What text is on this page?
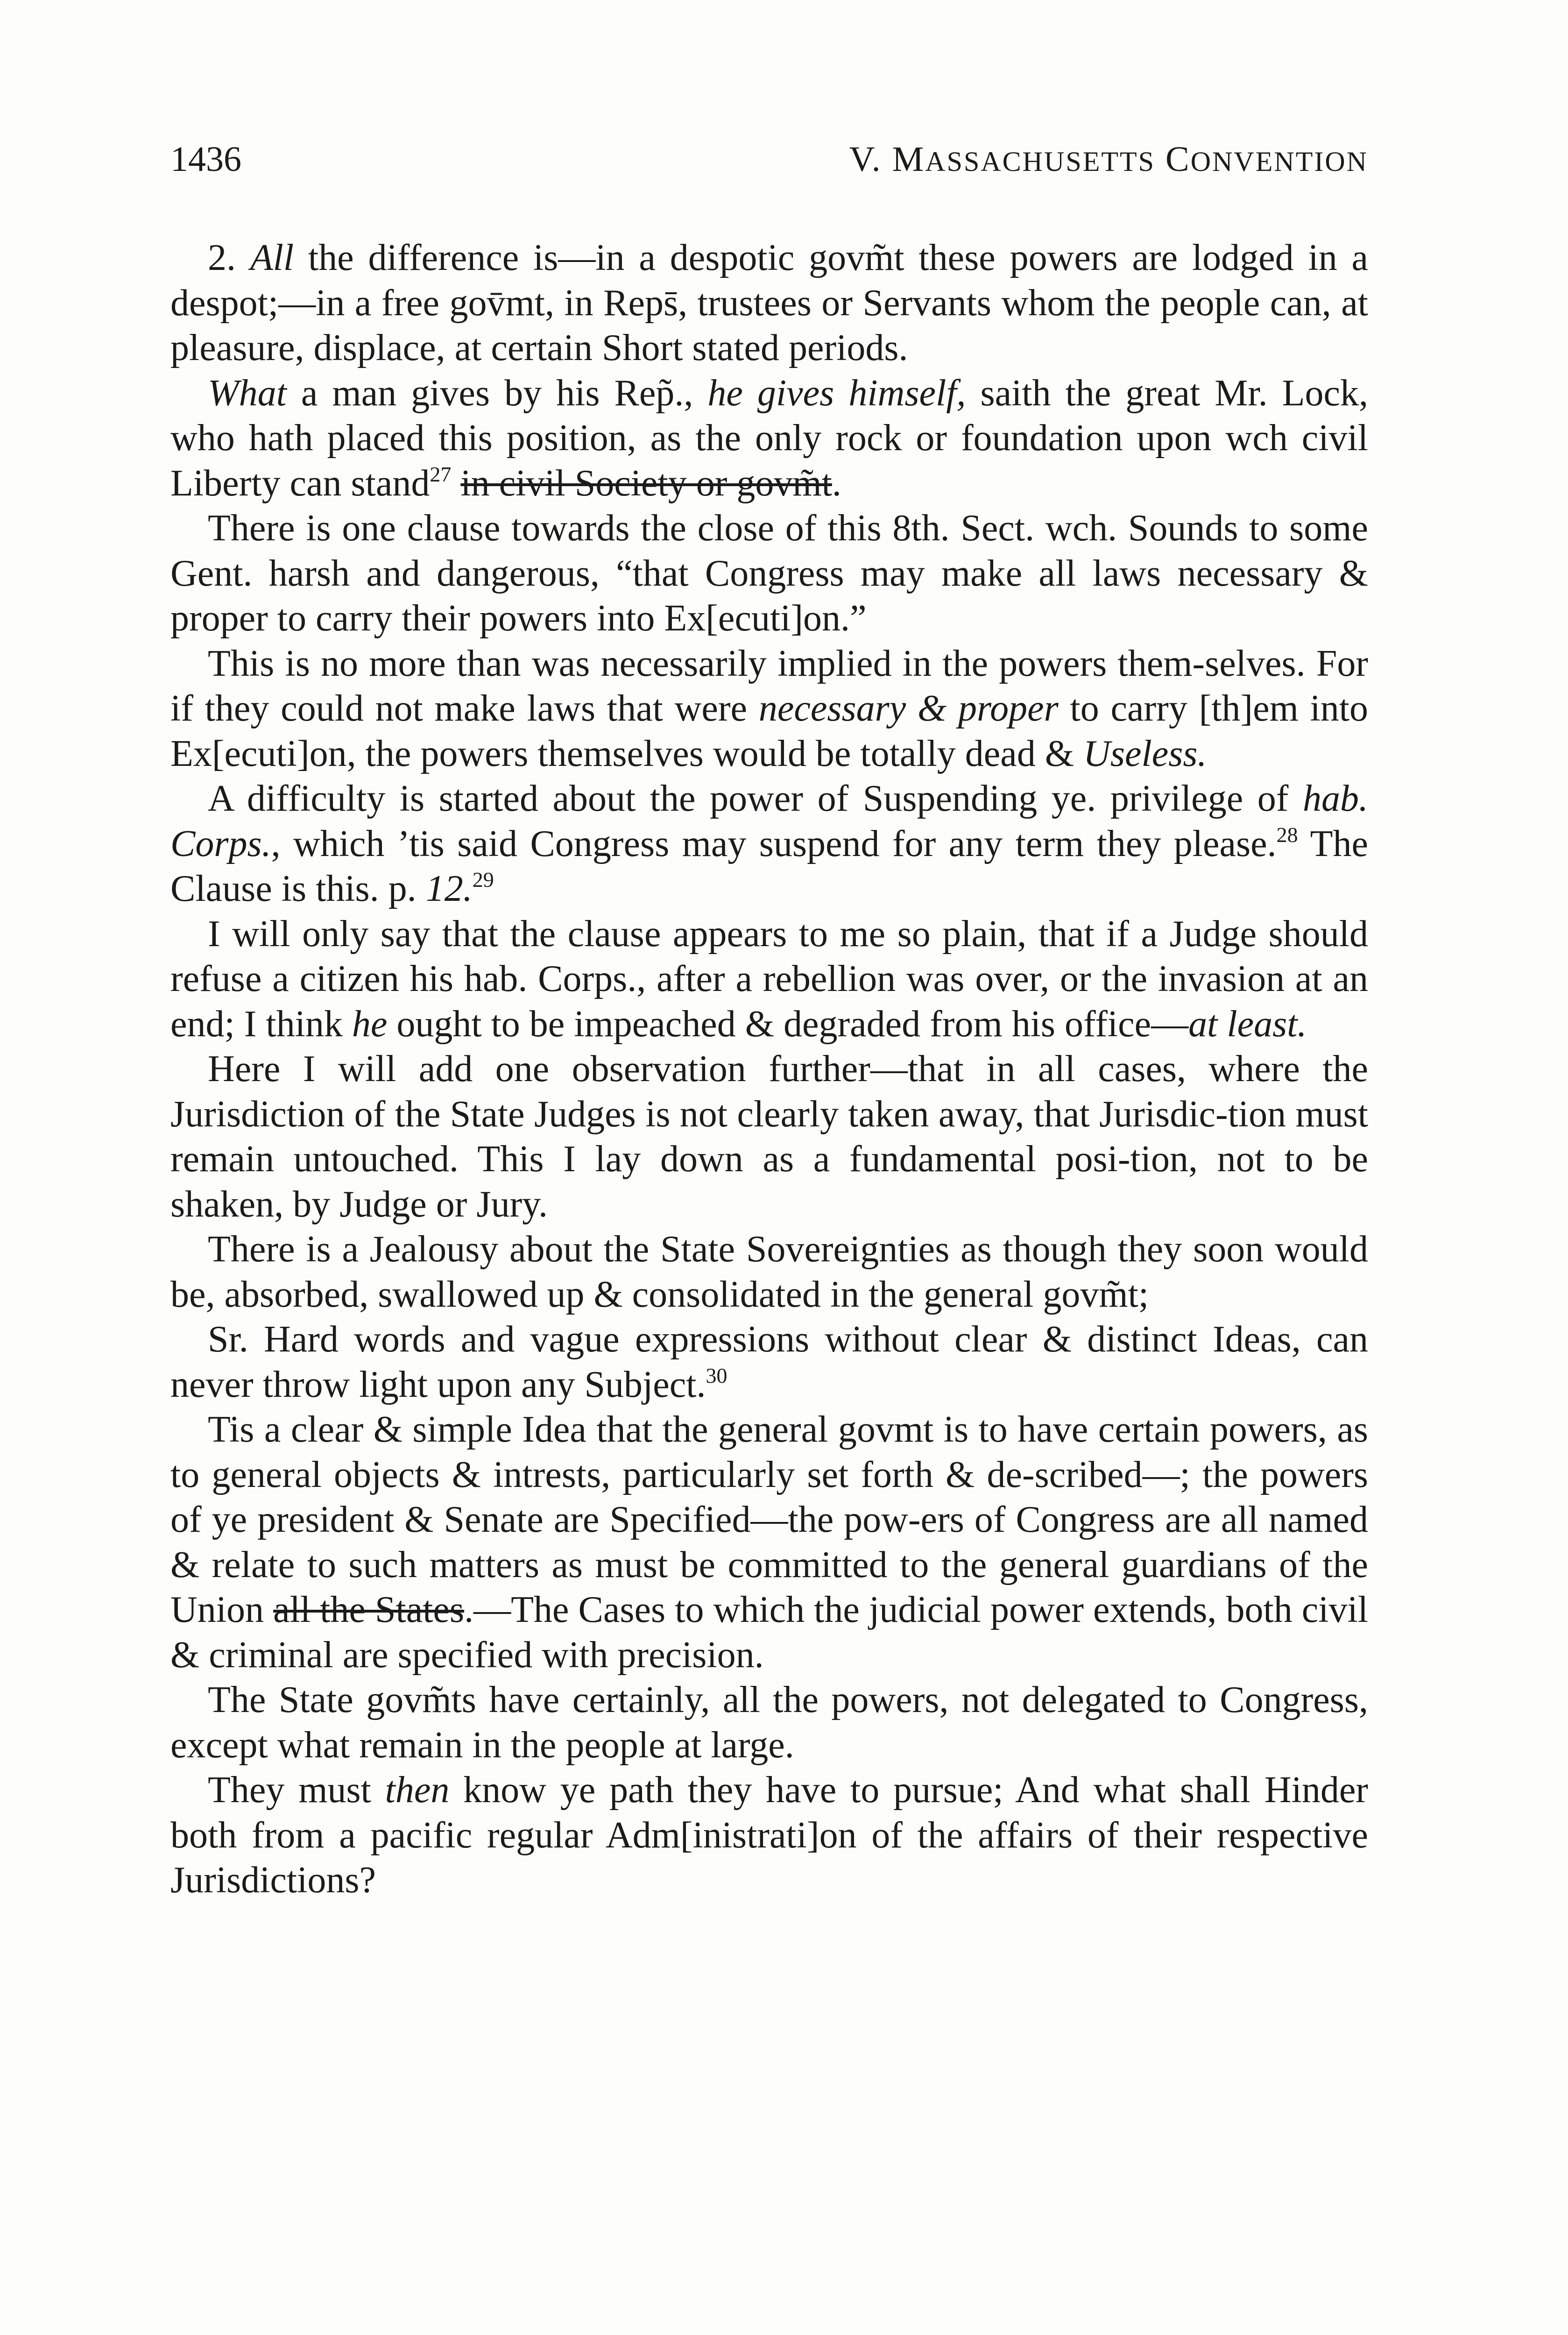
1436	V. MASSACHUSETTS CONVENTION

2. All the difference is—in a despotic govm̃t these powers are lodged in a despot;—in a free gov̄mt, in Reps̄, trustees or Servants whom the people can, at pleasure, displace, at certain Short stated periods.

What a man gives by his Rep̃., he gives himself, saith the great Mr. Lock, who hath placed this position, as the only rock or foundation upon wch civil Liberty can stand$^{27}$ in civil Society or govm̃t.

There is one clause towards the close of this 8th. Sect. wch. Sounds to some Gent. harsh and dangerous, “that Congress may make all laws necessary & proper to carry their powers into Ex[ecuti]on.”

This is no more than was necessarily implied in the powers them-selves. For if they could not make laws that were necessary & proper to carry [th]em into Ex[ecuti]on, the powers themselves would be totally dead & Useless.

A difficulty is started about the power of Suspending ye. privilege of hab. Corps., which ’tis said Congress may suspend for any term they please.$^{28}$ The Clause is this. p. 12.29

I will only say that the clause appears to me so plain, that if a Judge should refuse a citizen his hab. Corps., after a rebellion was over, or the invasion at an end; I think he ought to be impeached & degraded from his office—at least.

Here I will add one observation further—that in all cases, where the Jurisdiction of the State Judges is not clearly taken away, that Jurisdic-tion must remain untouched. This I lay down as a fundamental posi-tion, not to be shaken, by Judge or Jury.

There is a Jealousy about the State Sovereignties as though they soon would be, absorbed, swallowed up & consolidated in the general govm̃t;

Sr. Hard words and vague expressions without clear & distinct Ideas, can never throw light upon any Subject.$^{30}$

Tis a clear & simple Idea that the general govmt is to have certain powers, as to general objects & intrests, particularly set forth & de-scribed—; the powers of ye president & Senate are Specified—the pow-ers of Congress are all named & relate to such matters as must be committed to the general guardians of the Union all the States.—The Cases to which the judicial power extends, both civil & criminal are specified with precision.

The State govm̃ts have certainly, all the powers, not delegated to Congress, except what remain in the people at large.

They must then know ye path they have to pursue; And what shall Hinder both from a pacific regular Adm[inistrati]on of the affairs of their respective Jurisdictions?
